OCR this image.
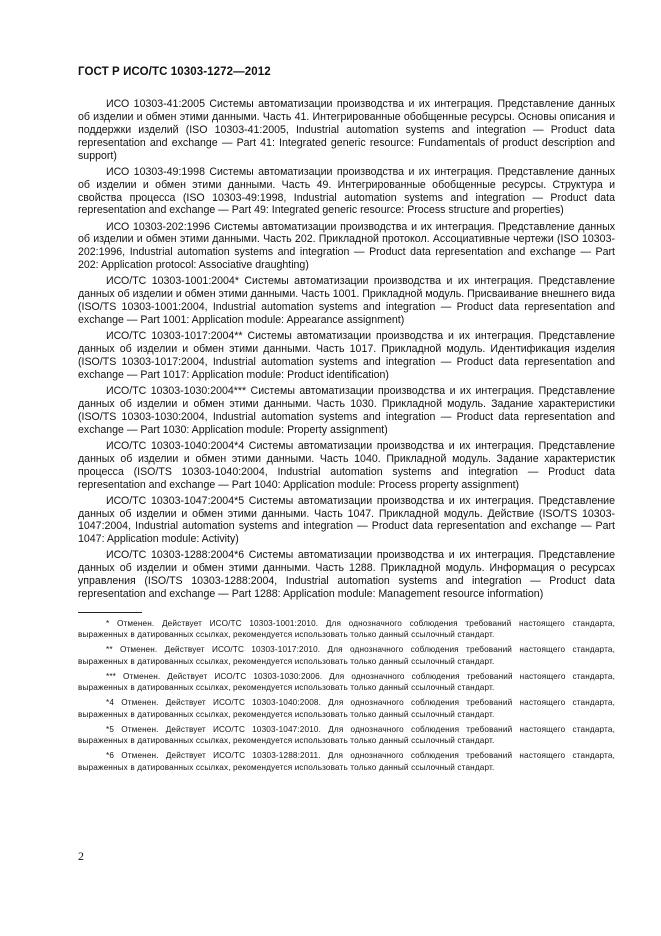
ГОСТ Р ИСО/ТС 10303-1272—2012

ИСО 10303-41:2005 Системы автоматизации производства и их интеграция. Представление данных об изделии и обмен этими данными. Часть 41. Интегрированные обобщенные ресурсы. Основы описания и поддержки изделий (ISO 10303-41:2005, Industrial automation systems and integration — Product data representation and exchange — Part 41: Integrated generic resource: Fundamentals of product description and support)

ИСО 10303-49:1998 Системы автоматизации производства и их интеграция. Представление данных об изделии и обмен этими данными. Часть 49. Интегрированные обобщенные ресурсы. Структура и свойства процесса (ISO 10303-49:1998, Industrial automation systems and integration — Product data representation and exchange — Part 49: Integrated generic resource: Process structure and properties)

ИСО 10303-202:1996 Системы автоматизации производства и их интеграция. Представление данных об изделии и обмен этими данными. Часть 202. Прикладной протокол. Ассоциативные чертежи (ISO 10303-202:1996, Industrial automation systems and integration — Product data representation and exchange — Part 202: Application protocol: Associative draughting)

ИСО/ТС 10303-1001:2004* Системы автоматизации производства и их интеграция. Представление данных об изделии и обмен этими данными. Часть 1001. Прикладной модуль. Присваивание внешнего вида (ISO/TS 10303-1001:2004, Industrial automation systems and integration — Product data representation and exchange — Part 1001: Application module: Appearance assignment)

ИСО/ТС 10303-1017:2004** Системы автоматизации производства и их интеграция. Представление данных об изделии и обмен этими данными. Часть 1017. Прикладной модуль. Идентификация изделия (ISO/TS 10303-1017:2004, Industrial automation systems and integration — Product data representation and exchange — Part 1017: Application module: Product identification)

ИСО/ТС 10303-1030:2004*** Системы автоматизации производства и их интеграция. Представление данных об изделии и обмен этими данными. Часть 1030. Прикладной модуль. Задание характеристики (ISO/TS 10303-1030:2004, Industrial automation systems and integration — Product data representation and exchange — Part 1030: Application module: Property assignment)

ИСО/ТС 10303-1040:2004*4 Системы автоматизации производства и их интеграция. Представление данных об изделии и обмен этими данными. Часть 1040. Прикладной модуль. Задание характеристик процесса (ISO/TS 10303-1040:2004, Industrial automation systems and integration — Product data representation and exchange — Part 1040: Application module: Process property assignment)

ИСО/ТС 10303-1047:2004*5 Системы автоматизации производства и их интеграция. Представление данных об изделии и обмен этими данными. Часть 1047. Прикладной модуль. Действие (ISO/TS 10303-1047:2004, Industrial automation systems and integration — Product data representation and exchange — Part 1047: Application module: Activity)

ИСО/ТС 10303-1288:2004*6 Системы автоматизации производства и их интеграция. Представление данных об изделии и обмен этими данными. Часть 1288. Прикладной модуль. Информация о ресурсах управления (ISO/TS 10303-1288:2004, Industrial automation systems and integration — Product data representation and exchange — Part 1288: Application module: Management resource information)

* Отменен. Действует ИСО/ТС 10303-1001:2010. Для однозначного соблюдения требований настоящего стандарта, выраженных в датированных ссылках, рекомендуется использовать только данный ссылочный стандарт.

** Отменен. Действует ИСО/ТС 10303-1017:2010. Для однозначного соблюдения требований настоящего стандарта, выраженных в датированных ссылках, рекомендуется использовать только данный ссылочный стандарт.

*** Отменен. Действует ИСО/ТС 10303-1030:2006. Для однозначного соблюдения требований настоящего стандарта, выраженных в датированных ссылках, рекомендуется использовать только данный ссылочный стандарт.

*4 Отменен. Действует ИСО/ТС 10303-1040:2008. Для однозначного соблюдения требований настоящего стандарта, выраженных в датированных ссылках, рекомендуется использовать только данный ссылочный стандарт.

*5 Отменен. Действует ИСО/ТС 10303-1047:2010. Для однозначного соблюдения требований настоящего стандарта, выраженных в датированных ссылках, рекомендуется использовать только данный ссылочный стандарт.

*6 Отменен. Действует ИСО/ТС 10303-1288:2011. Для однозначного соблюдения требований настоящего стандарта, выраженных в датированных ссылках, рекомендуется использовать только данный ссылочный стандарт.

2
